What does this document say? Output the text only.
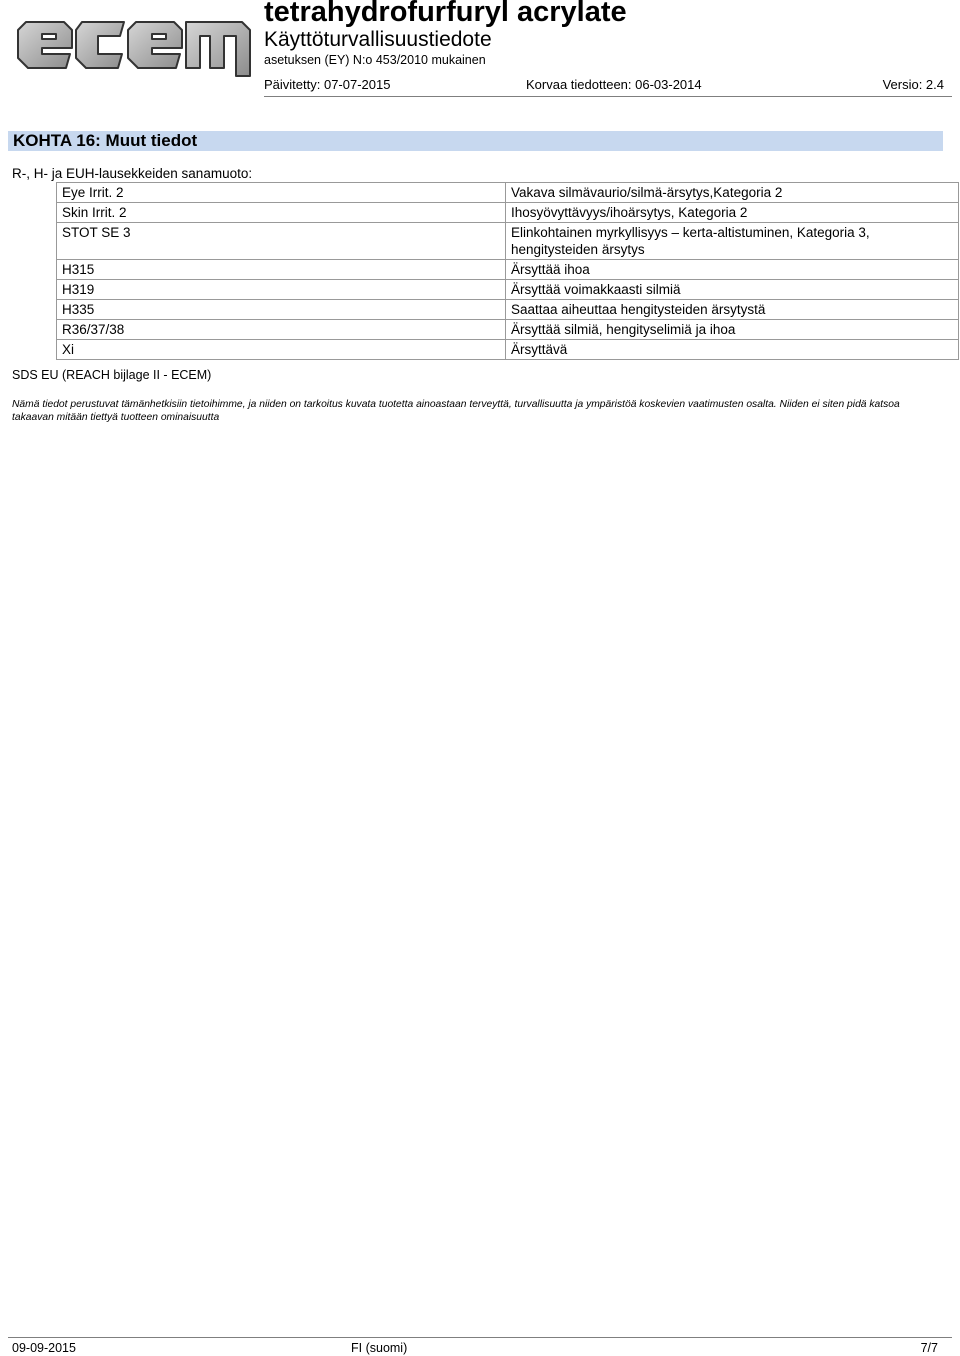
tetrahydrofurfuryl acrylate
Käyttöturvallisuustiedote
asetuksen (EY) N:o 453/2010 mukainen
Päivitetty: 07-07-2015	Korvaa tiedotteen: 06-03-2014	Versio: 2.4
KOHTA 16: Muut tiedot
R-, H- ja EUH-lausekkeiden sanamuoto:
Eye Irrit. 2	Vakava silmävaurio/silmä-ärsytys,Kategoria 2
Skin Irrit. 2	Ihosyövyttävyys/ihoärsytys, Kategoria 2
STOT SE 3	Elinkohtainen myrkyllisyys – kerta-altistuminen, Kategoria 3, hengitysteiden ärsytys
H315	Ärsyttää ihoa
H319	Ärsyttää voimakkaasti silmiä
H335	Saattaa aiheuttaa hengitysteiden ärsytystä
R36/37/38	Ärsyttää silmiä, hengityselimiä ja ihoa
Xi	Ärsyttävä
SDS EU (REACH bijlage II - ECEM)
Nämä tiedot perustuvat tämänhetkisiin tietoihimme, ja niiden on tarkoitus kuvata tuotetta ainoastaan terveyttä, turvallisuutta ja ympäristöä koskevien vaatimusten osalta. Niiden ei siten pidä katsoa takaavan mitään tiettyä tuotteen ominaisuutta
09-09-2015	FI (suomi)	7/7
